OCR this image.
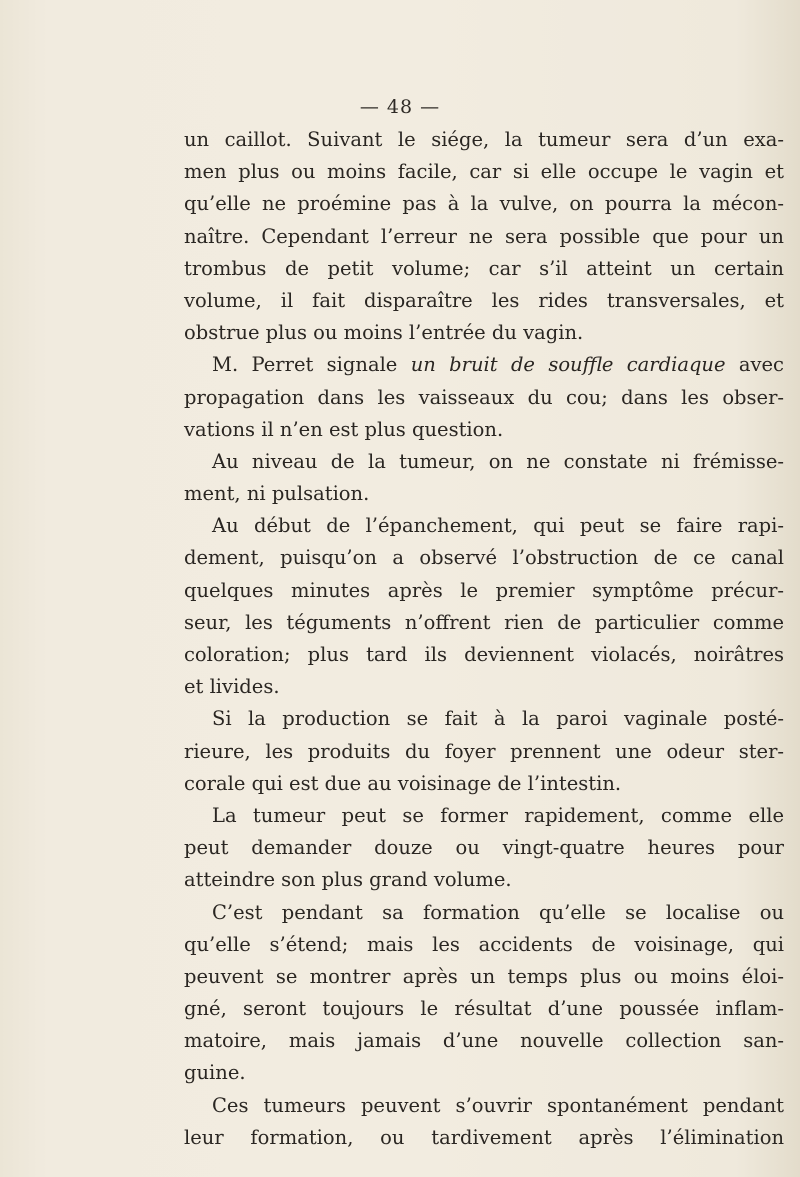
— 48 —
un caillot. Suivant le siége, la tumeur sera d’un exa-
men plus ou moins facile, car si elle occupe le vagin et
qu’elle ne proémine pas à la vulve, on pourra la mécon-
naître. Cependant l’erreur ne sera possible que pour un
trombus de petit volume; car s’il atteint un certain
volume, il fait disparaître les rides transversales, et
obstrue plus ou moins l’entrée du vagin.
M. Perret signale un bruit de souffle cardiaque avec
propagation dans les vaisseaux du cou; dans les obser-
vations il n’en est plus question.
Au niveau de la tumeur, on ne constate ni frémisse-
ment, ni pulsation.
Au début de l’épanchement, qui peut se faire rapi-
dement, puisqu’on a observé l’obstruction de ce canal
quelques minutes après le premier symptôme précur-
seur, les téguments n’offrent rien de particulier comme
coloration; plus tard ils deviennent violacés, noirâtres
et livides.
Si la production se fait à la paroi vaginale posté-
rieure, les produits du foyer prennent une odeur ster-
corale qui est due au voisinage de l’intestin.
La tumeur peut se former rapidement, comme elle
peut demander douze ou vingt-quatre heures pour
atteindre son plus grand volume.
C’est pendant sa formation qu’elle se localise ou
qu’elle s’étend; mais les accidents de voisinage, qui
peuvent se montrer après un temps plus ou moins éloi-
gné, seront toujours le résultat d’une poussée inflam-
matoire, mais jamais d’une nouvelle collection san-
guine.
Ces tumeurs peuvent s’ouvrir spontanément pendant
leur formation, ou tardivement après l’élimination
